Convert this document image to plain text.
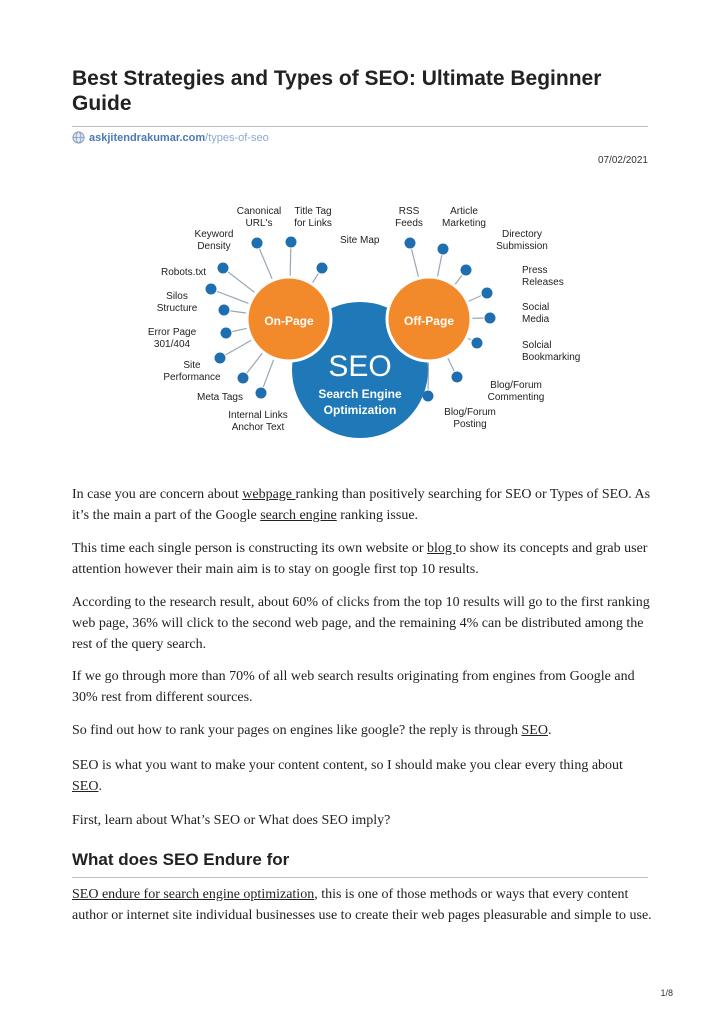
Best Strategies and Types of SEO: Ultimate Beginner Guide
askjitendrakumar.com/types-of-seo
07/02/2021
On-Page	Off-Page
SEO
Search Engine
Optimization
Canonical URL's
Title Tag for Links
Keyword Density
Site Map
Robots.txt
Silos Structure
Error Page 301/404
Site Performance
Meta Tags
Internal Links Anchor Text
RSS Feeds
Article Marketing
Directory Submission
Press Releases
Social Media
Solcial Bookmarking
Blog/Forum Commenting
Blog/Forum Posting

In case you are concern about webpage ranking than positively searching for SEO or Types of SEO. As it’s the main a part of the Google search engine ranking issue.

This time each single person is constructing its own website or blog to show its concepts and grab user attention however their main aim is to stay on google first top 10 results.

According to the research result, about 60% of clicks from the top 10 results will go to the first ranking web page, 36% will click to the second web page, and the remaining 4% can be distributed among the rest of the query search.

If we go through more than 70% of all web search results originating from engines from Google and 30% rest from different sources.

So find out how to rank your pages on engines like google? the reply is through SEO.

SEO is what you want to make your content content, so I should make you clear every thing about SEO.

First, learn about What’s SEO or What does SEO imply?

What does SEO Endure for

SEO endure for search engine optimization, this is one of those methods or ways that every content author or internet site individual businesses use to create their web pages pleasurable and simple to use.

1/8
